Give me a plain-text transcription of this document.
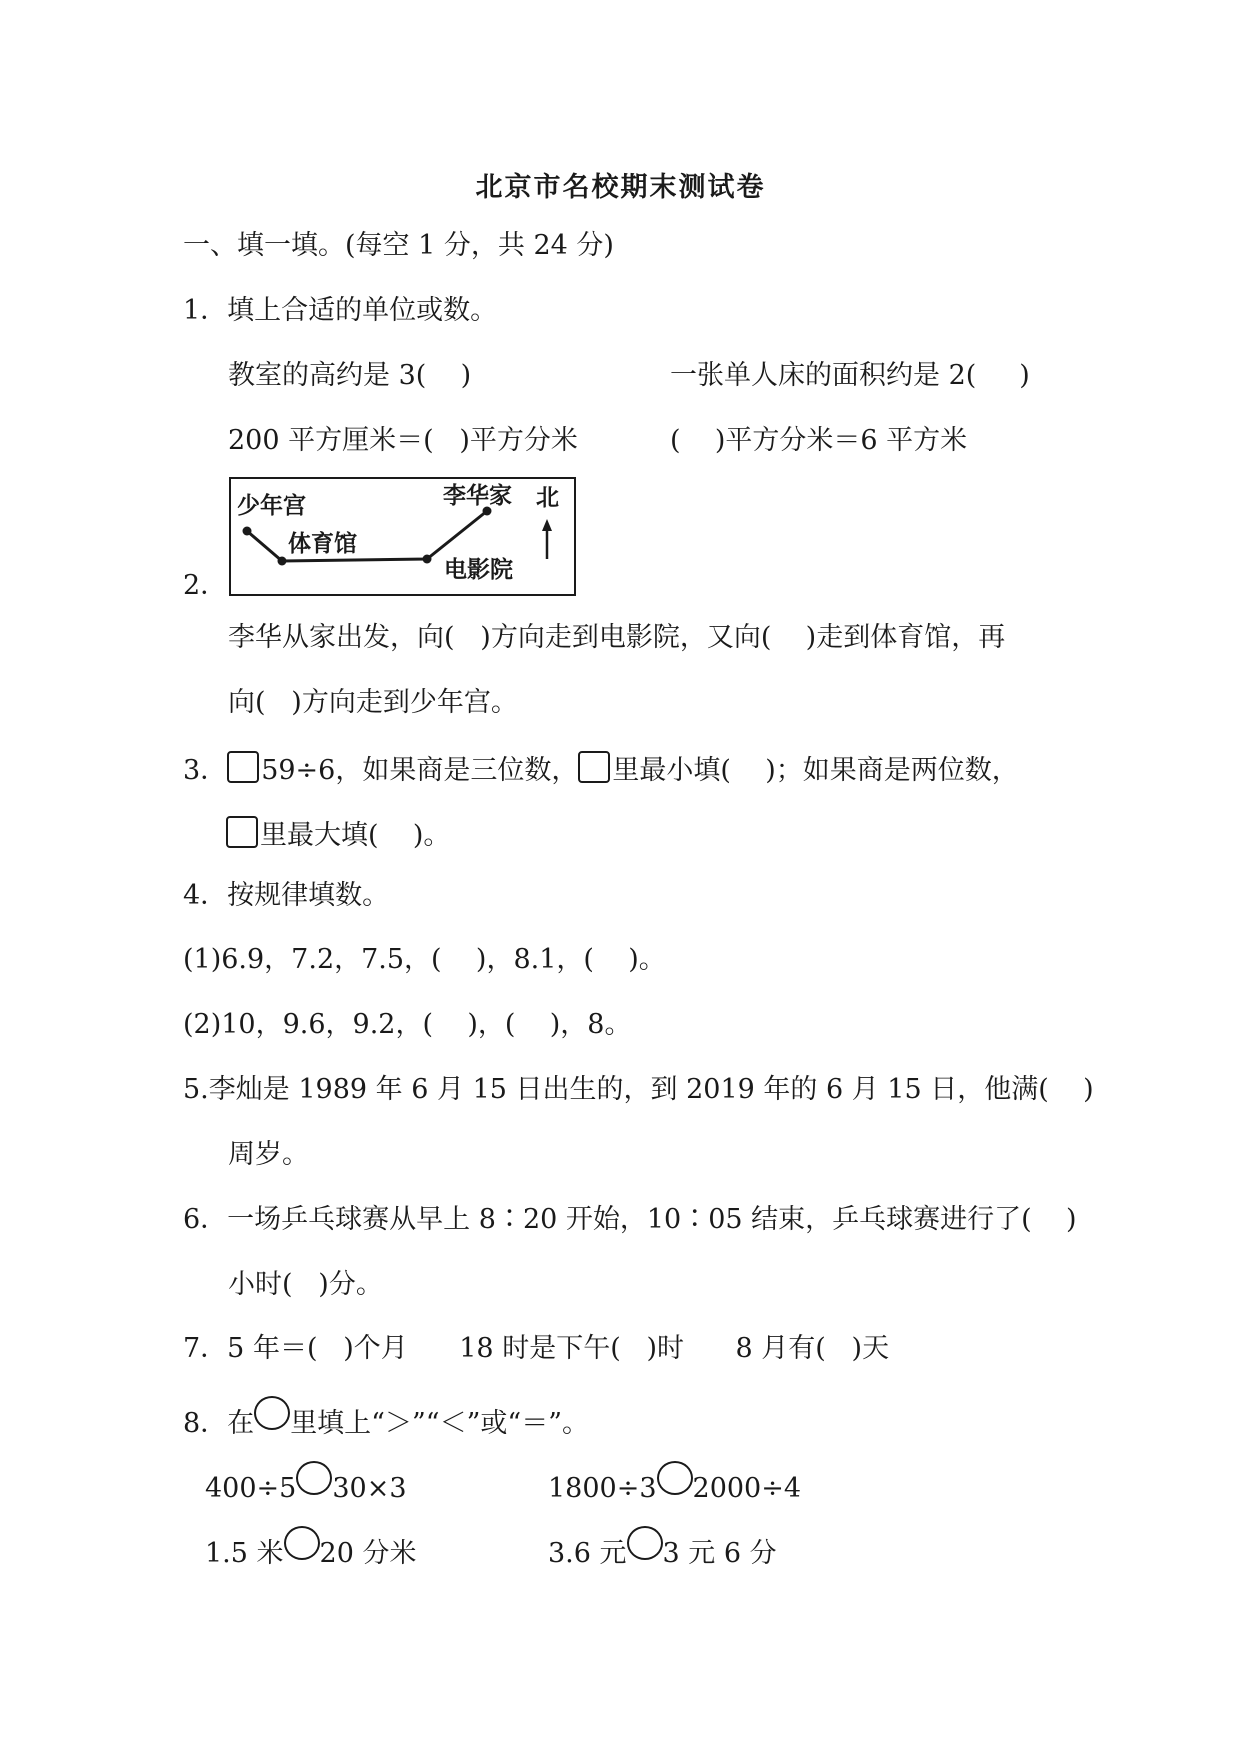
北京市名校期末测试卷
一、填一填。(每空 1 分，共 24 分)
1．填上合适的单位或数。
教室的高约是 3(    )	一张单人床的面积约是 2(     )
200 平方厘米＝(   )平方分米	(    )平方分米＝6 平方米
2．
少年宫
体育馆
电影院
李华家 北
李华从家出发，向(   )方向走到电影院，又向(    )走到体育馆，再
向(   )方向走到少年宫。
3． 59÷6，如果商是三位数， 里最小填(    )；如果商是两位数，
里最大填(    )。
4．按规律填数。
(1)6.9，7.2，7.5，(    )，8.1，(    )。
(2)10，9.6，9.2，(    )，(    )，8。
5.李灿是 1989 年 6 月 15 日出生的，到 2019 年的 6 月 15 日，他满(    )
周岁。
6．一场乒乓球赛从早上 8∶20 开始，10∶05 结束，乒乓球赛进行了(    )
小时(   )分。
7．5 年＝(   )个月      18 时是下午(   )时      8 月有(   )天
8．在 里填上“＞”“＜”或“＝”。
400÷5 30×3	1800÷3 2000÷4
1.5 米 20 分米	3.6 元 3 元 6 分
